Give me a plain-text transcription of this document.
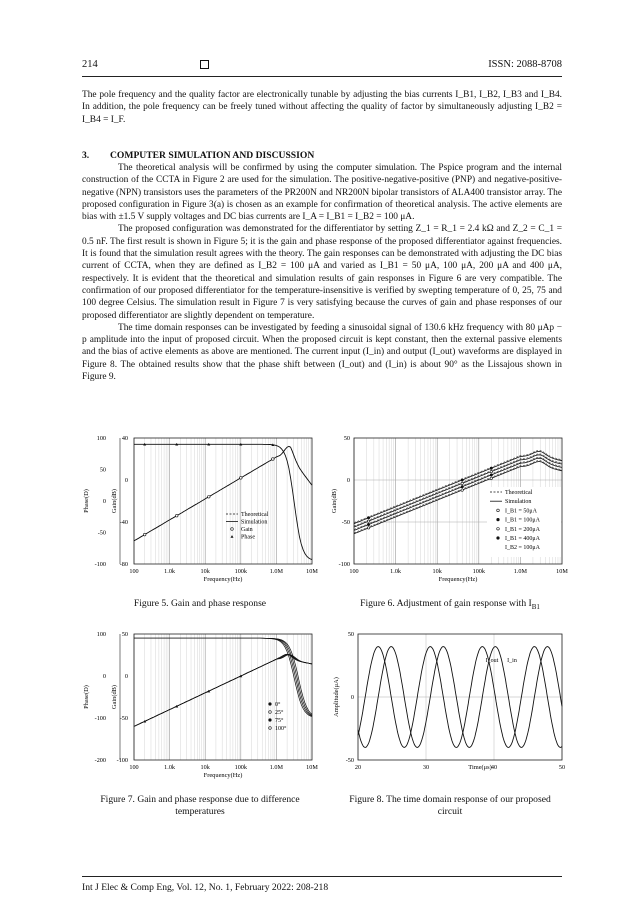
214	ISSN: 2088-8708

The pole frequency and the quality factor are electronically tunable by adjusting the bias currents I_B1, I_B2, I_B3 and I_B4. In addition, the pole frequency can be freely tuned without affecting the quality of factor by simultaneously adjusting I_B2 = I_B4 = I_F.

3. COMPUTER SIMULATION AND DISCUSSION

The theoretical analysis will be confirmed by using the computer simulation. The Pspice program and the internal construction of the CCTA in Figure 2 are used for the simulation. The positive-negative-positive (PNP) and negative-positive-negative (NPN) transistors uses the parameters of the PR200N and NR200N bipolar transistors of ALA400 transistor array. The proposed configuration in Figure 3(a) is chosen as an example for confirmation of theoretical analysis. The active elements are bias with ±1.5 V supply voltages and DC bias currents are I_A = I_B1 = I_B2 = 100 μA.

The proposed configuration was demonstrated for the differentiator by setting Z_1 = R_1 = 2.4 kΩ and Z_2 = C_1 = 0.5 nF. The first result is shown in Figure 5; it is the gain and phase response of the proposed differentiator against frequencies. It is found that the simulation result agrees with the theory. The gain responses can be demonstrated with adjusting the DC bias current of CCTA, when they are defined as I_B2 = 100 μA and varied as I_B1 = 50 μA, 100 μA, 200 μA and 400 μA, respectively. It is evident that the theoretical and simulation results of gain responses in Figure 6 are very compatible. The confirmation of our proposed differentiator for the temperature-insensitive is verified by swepting temperature of 0, 25, 75 and 100 degree Celsius. The simulation result in Figure 7 is very satisfying because the curves of gain and phase responses of our proposed differentiator are slightly dependent on temperature.

The time domain responses can be investigated by feeding a sinusoidal signal of 130.6 kHz frequency with 80 μAp − p amplitude into the input of proposed circuit. When the proposed circuit is kept constant, then the external passive elements and the bias of active elements as above are mentioned. The current input (I_in) and output (I_out) waveforms are displayed in Figure 8. The obtained results show that the phase shift between (I_out) and (I_in) is about 90° as the Lissajous shown in Figure 9.

100
50
0
-50
-100
40
0
-40
-80
Phase(D)	Gain(dB)
100	1.0k	10k	100k	1.0M	10M
Frequency(Hz)
Theoretical
Simulation
Gain
Phase
Figure 5. Gain and phase response
50
0
-50
-100
Gain(dB)
100	1.0k	10k	100k	1.0M	10M
Frequency(Hz)
Theoretical
Simulation
I_B1 = 50μA
I_B1 = 100μA
I_B1 = 200μA
I_B1 = 400μA
I_B2 = 100μA
Figure 6. Adjustment of gain response with $I_{B1}$
100
0
-100
-200
50
0
-50
-100
Phase(D)	Gain(dB)
100	1.0k	10k	100k	1.0M	10M
Frequency(Hz)
0°
25°
75°
100°
Figure 7. Gain and phase response due to difference
temperatures
50
0
-50
Amplitude(μA)
20	30	40	50
Time(μs)
I_out I_in
Figure 8. The time domain response of our proposed
circuit
Int J Elec & Comp Eng, Vol. 12, No. 1, February 2022: 208-218
